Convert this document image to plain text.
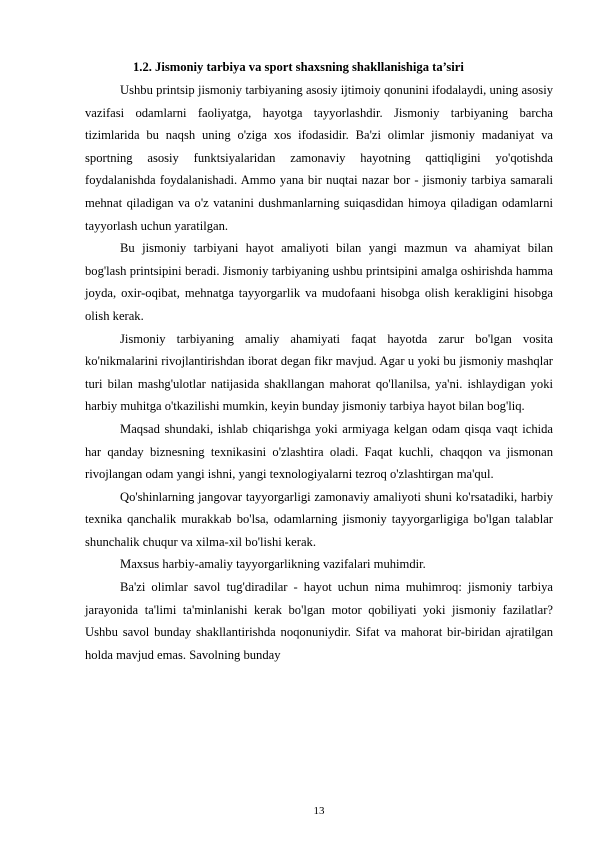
1.2. Jismoniy tarbiya va sport shaxsning shakllanishiga ta’siri

Ushbu printsip jismoniy tarbiyaning asosiy ijtimoiy qonunini ifodalaydi, uning asosiy vazifasi odamlarni faoliyatga, hayotga tayyorlashdir. Jismoniy tarbiyaning barcha tizimlarida bu naqsh uning o'ziga xos ifodasidir. Ba'zi olimlar jismoniy madaniyat va sportning asosiy funktsiyalaridan zamonaviy hayotning qattiqligini yo'qotishda foydalanishda foydalanishadi. Ammo yana bir nuqtai nazar bor - jismoniy tarbiya samarali mehnat qiladigan va o'z vatanini dushmanlarning suiqasdidan himoya qiladigan odamlarni tayyorlash uchun yaratilgan.

Bu jismoniy tarbiyani hayot amaliyoti bilan yangi mazmun va ahamiyat bilan bog'lash printsipini beradi. Jismoniy tarbiyaning ushbu printsipini amalga oshirishda hamma joyda, oxir-oqibat, mehnatga tayyorgarlik va mudofaani hisobga olish kerakligini hisobga olish kerak.

Jismoniy tarbiyaning amaliy ahamiyati faqat hayotda zarur bo'lgan vosita ko'nikmalarini rivojlantirishdan iborat degan fikr mavjud. Agar u yoki bu jismoniy mashqlar turi bilan mashg'ulotlar natijasida shakllangan mahorat qo'llanilsa, ya'ni. ishlaydigan yoki harbiy muhitga o'tkazilishi mumkin, keyin bunday jismoniy tarbiya hayot bilan bog'liq.

Maqsad shundaki, ishlab chiqarishga yoki armiyaga kelgan odam qisqa vaqt ichida har qanday biznesning texnikasini o'zlashtira oladi. Faqat kuchli, chaqqon va jismonan rivojlangan odam yangi ishni, yangi texnologiyalarni tezroq o'zlashtirgan ma'qul.

Qo'shinlarning jangovar tayyorgarligi zamonaviy amaliyoti shuni ko'rsatadiki, harbiy texnika qanchalik murakkab bo'lsa, odamlarning jismoniy tayyorgarligiga bo'lgan talablar shunchalik chuqur va xilma-xil bo'lishi kerak.

Maxsus harbiy-amaliy tayyorgarlikning vazifalari muhimdir.

Ba'zi olimlar savol tug'diradilar - hayot uchun nima muhimroq: jismoniy tarbiya jarayonida ta'limi ta'minlanishi kerak bo'lgan motor qobiliyati yoki jismoniy fazilatlar? Ushbu savol bunday shakllantirishda noqonuniydir. Sifat va mahorat bir-biridan ajratilgan holda mavjud emas. Savolning bunday

13
